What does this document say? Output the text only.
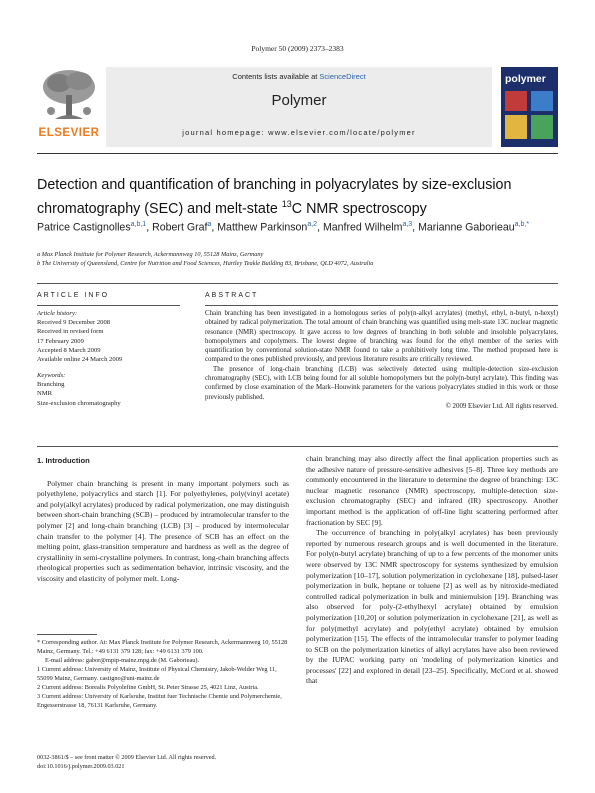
Polymer 50 (2009) 2373–2383
ELSEVIER
Contents lists available at ScienceDirect
Polymer
journal homepage: www.elsevier.com/locate/polymer
polymer
Detection and quantiﬁcation of branching in polyacrylates by size-exclusion chromatography (SEC) and melt-state $^{13}$C NMR spectroscopy
Patrice Castignolles$^{a,b,1}$, Robert Graf$^a$, Matthew Parkinson$^{a,2}$, Manfred Wilhelm$^{a,3}$, Marianne Gaborieau$^{a,b,*}$
a Max Planck Institute for Polymer Research, Ackermannweg 10, 55128 Mainz, Germany
b The University of Queensland, Centre for Nutrition and Food Sciences, Hartley Teakle Building 83, Brisbane, QLD 4072, Australia
ARTICLE INFO	ABSTRACT
Article history:
Received 9 December 2008
Received in revised form
17 February 2009
Accepted 8 March 2009
Available online 24 March 2009
Keywords:
Branching
NMR
Size-exclusion chromatography

Chain branching has been investigated in a homologous series of poly(n-alkyl acrylates) (methyl, ethyl, n-butyl, n-hexyl) obtained by radical polymerization. The total amount of chain branching was quantified using melt-state 13C nuclear magnetic resonance (NMR) spectroscopy. It gave access to low degrees of branching in both soluble and insoluble polyacrylates, homopolymers and copolymers. The lowest degree of branching was found for the ethyl member of the series with quantification by conventional solution-state NMR found to take a prohibitively long time. The method proposed here is compared to the ones published previously, and previous literature results are critically reviewed.

The presence of long-chain branching (LCB) was selectively detected using multiple-detection size-exclusion chromatography (SEC), with LCB being found for all soluble homopolymers but the poly(n-butyl acrylate). This finding was confirmed by close examination of the Mark–Houwink parameters for the various polyacrylates studied in this work or those previously published.

© 2009 Elsevier Ltd. All rights reserved.

1. Introduction

Polymer chain branching is present in many important polymers such as polyethylene, polyacrylics and starch [1]. For polyethylenes, poly(vinyl acetate) and poly(alkyl acrylates) produced by radical polymerization, one may distinguish between short-chain branching (SCB) – produced by intramolecular transfer to the polymer [2] and long-chain branching (LCB) [3] – produced by intermolecular chain transfer to the polymer [4]. The presence of SCB has an effect on the melting point, glass-transition temperature and hardness as well as the degree of crystallinity in semi-crystalline polymers. In contrast, long-chain branching affects rheological properties such as sedimentation behavior, intrinsic viscosity, and the viscosity and elasticity of polymer melt. Long-

chain branching may also directly affect the final application properties such as the adhesive nature of pressure-sensitive adhesives [5–8]. Three key methods are commonly encountered in the literature to determine the degree of branching: 13C nuclear magnetic resonance (NMR) spectroscopy, multiple-detection size-exclusion chromatography (SEC) and infrared (IR) spectroscopy. Another important method is the application of off-line light scattering performed after fractionation by SEC [9].

The occurrence of branching in poly(alkyl acrylates) has been previously reported by numerous research groups and is well documented in the literature. For poly(n-butyl acrylate) branching of up to a few percents of the monomer units were observed by 13C NMR spectroscopy for systems synthesized by emulsion polymerization [10–17], solution polymerization in cyclohexane [18], pulsed-laser polymerization in bulk, heptane or toluene [2] as well as by nitroxide-mediated controlled radical polymerization in bulk and miniemulsion [19]. Branching was also observed for poly-(2-ethylhexyl acrylate) obtained by emulsion polymerization [10,20] or solution polymerization in cyclohexane [21], as well as for poly(methyl acrylate) and poly(ethyl acrylate) obtained by emulsion polymerization [15]. The effects of the intramolecular transfer to polymer leading to SCB on the polymerization kinetics of alkyl acrylates have also been reviewed by the IUPAC working party on 'modeling of polymerization kinetics and processes' [22] and explored in detail [23–25]. Specifically, McCord et al. showed that

* Corresponding author. At: Max Planck Institute for Polymer Research, Ackermannweg 10, 55128 Mainz, Germany. Tel.: +49 6131 379 128; fax: +49 6131 379 100.

E-mail address: gabor@mpip-mainz.mpg.de (M. Gaborieau).

1 Current address: University of Mainz, Institute of Physical Chemistry, Jakob-Welder Weg 11, 55099 Mainz, Germany. castigno@uni-mainz.de

2 Current address: Borealis Polyolefine GmbH, St. Peter Strasse 25, 4021 Linz, Austria.

3 Current address: University of Karlsruhe, Institut fuer Technische Chemie und Polymerchemie, Engesserstrasse 18, 76131 Karlsruhe, Germany.

0032-3861/$ – see front matter © 2009 Elsevier Ltd. All rights reserved.
doi:10.1016/j.polymer.2009.03.021
